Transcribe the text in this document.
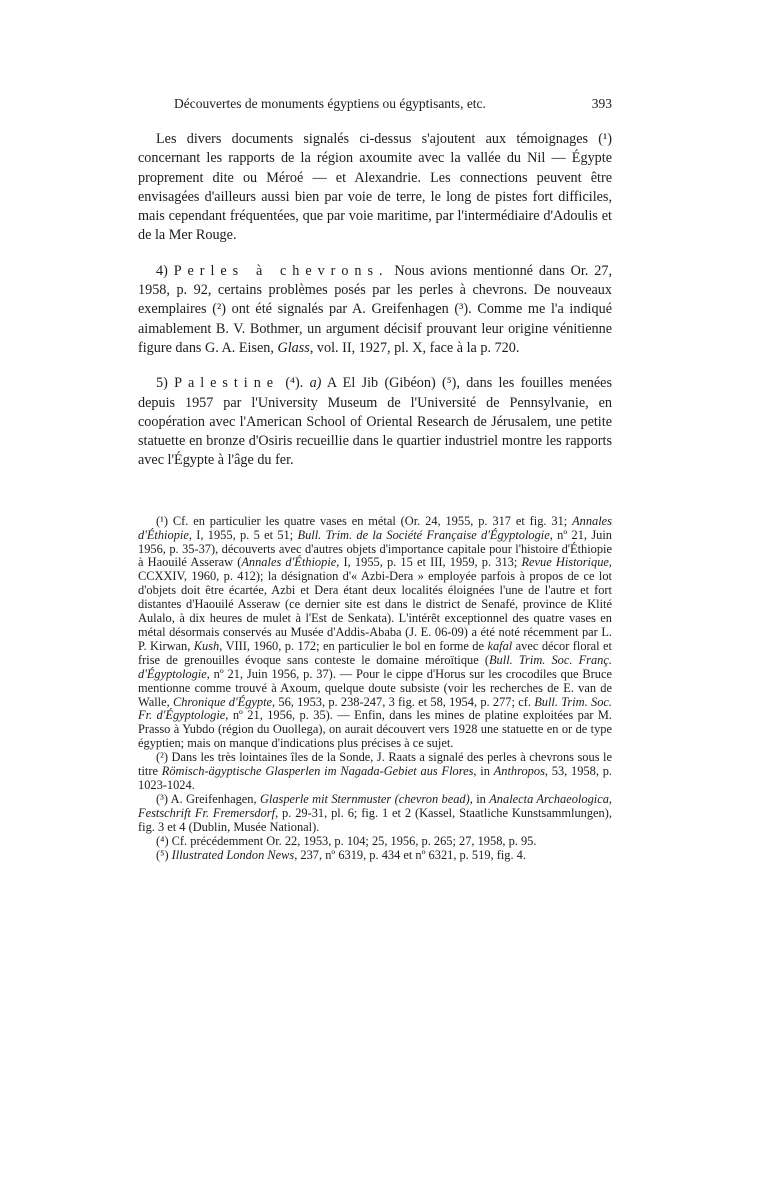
Découvertes de monuments égyptiens ou égyptisants, etc.	393

Les divers documents signalés ci-dessus s'ajoutent aux témoignages (¹) concernant les rapports de la région axoumite avec la vallée du Nil — Égypte proprement dite ou Méroé — et Alexandrie. Les connections peuvent être envisagées d'ailleurs aussi bien par voie de terre, le long de pistes fort difficiles, mais cependant fréquentées, que par voie maritime, par l'intermédiaire d'Adoulis et de la Mer Rouge.

4) Perles à chevrons. Nous avions mentionné dans Or. 27, 1958, p. 92, certains problèmes posés par les perles à chevrons. De nouveaux exemplaires (²) ont été signalés par A. Greifenhagen (³). Comme me l'a indiqué aimablement B. V. Bothmer, un argument décisif prouvant leur origine vénitienne figure dans G. A. Eisen, Glass, vol. II, 1927, pl. X, face à la p. 720.

5) Palestine (⁴). a) A El Jib (Gibéon) (⁵), dans les fouilles menées depuis 1957 par l'University Museum de l'Université de Pennsylvanie, en coopération avec l'American School of Oriental Research de Jérusalem, une petite statuette en bronze d'Osiris recueillie dans le quartier industriel montre les rapports avec l'Égypte à l'âge du fer.

(¹) Cf. en particulier les quatre vases en métal (Or. 24, 1955, p. 317 et fig. 31; Annales d'Éthiopie, I, 1955, p. 5 et 51; Bull. Trim. de la Société Française d'Égyptologie, nº 21, Juin 1956, p. 35-37), découverts avec d'autres objets d'importance capitale pour l'histoire d'Éthiopie à Haouilé Asseraw (Annales d'Éthiopie, I, 1955, p. 15 et III, 1959, p. 313; Revue Historique, CCXXIV, 1960, p. 412); la désignation d'« Azbi-Dera » employée parfois à propos de ce lot d'objets doit être écartée, Azbi et Dera étant deux localités éloignées l'une de l'autre et fort distantes d'Haouilé Asseraw (ce dernier site est dans le district de Senafé, province de Klité Aulalo, à dix heures de mulet à l'Est de Senkata). L'intérêt exceptionnel des quatre vases en métal désormais conservés au Musée d'Addis-Ababa (J. E. 06-09) a été noté récemment par L. P. Kirwan, Kush, VIII, 1960, p. 172; en particulier le bol en forme de kafal avec décor floral et frise de grenouilles évoque sans conteste le domaine méroïtique (Bull. Trim. Soc. Franç. d'Égyptologie, nº 21, Juin 1956, p. 37). — Pour le cippe d'Horus sur les crocodiles que Bruce mentionne comme trouvé à Axoum, quelque doute subsiste (voir les recherches de E. van de Walle, Chronique d'Égypte, 56, 1953, p. 238-247, 3 fig. et 58, 1954, p. 277; cf. Bull. Trim. Soc. Fr. d'Égyptologie, nº 21, 1956, p. 35). — Enfin, dans les mines de platine exploitées par M. Prasso à Yubdo (région du Ouollega), on aurait découvert vers 1928 une statuette en or de type égyptien; mais on manque d'indications plus précises à ce sujet.

(²) Dans les très lointaines îles de la Sonde, J. Raats a signalé des perles à chevrons sous le titre Römisch-ägyptische Glasperlen im Nagada-Gebiet aus Flores, in Anthropos, 53, 1958, p. 1023-1024.

(³) A. Greifenhagen, Glasperle mit Sternmuster (chevron bead), in Analecta Archaeologica, Festschrift Fr. Fremersdorf, p. 29-31, pl. 6; fig. 1 et 2 (Kassel, Staatliche Kunstsammlungen), fig. 3 et 4 (Dublin, Musée National).

(⁴) Cf. précédemment Or. 22, 1953, p. 104; 25, 1956, p. 265; 27, 1958, p. 95.

(⁵) Illustrated London News, 237, nº 6319, p. 434 et nº 6321, p. 519, fig. 4.
